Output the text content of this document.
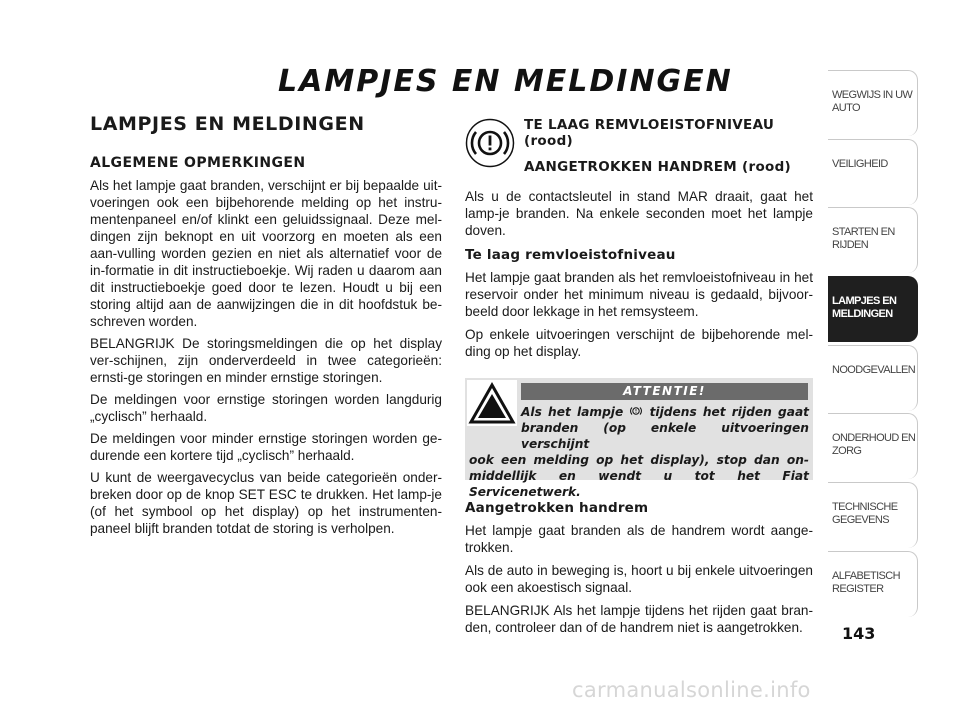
LAMPJES EN MELDINGEN
LAMPJES EN MELDINGEN
ALGEMENE OPMERKINGEN

Als het lampje gaat branden, verschijnt er bij bepaalde uit-voeringen ook een bijbehorende melding op het instru-mentenpaneel en/of klinkt een geluidssignaal. Deze mel-dingen zijn beknopt en uit voorzorg en moeten als een aan-vulling worden gezien en niet als alternatief voor de in-formatie in dit instructieboekje. Wij raden u daarom aan dit instructieboekje goed door te lezen. Houdt u bij een storing altijd aan de aanwijzingen die in dit hoofdstuk be-schreven worden.

BELANGRIJK De storingsmeldingen die op het display ver-schijnen, zijn onderverdeeld in twee categorieën: ernsti-ge storingen en minder ernstige storingen.

De meldingen voor ernstige storingen worden langdurig „cyclisch” herhaald.

De meldingen voor minder ernstige storingen worden ge-durende een kortere tijd „cyclisch” herhaald.

U kunt de weergavecyclus van beide categorieën onder-breken door op de knop SET ESC te drukken. Het lamp-je (of het symbool op het display) op het instrumenten-paneel blijft branden totdat de storing is verholpen.

TE LAAG REMVLOEISTOFNIVEAU (rood)
AANGETROKKEN HANDREM (rood)

Als u de contactsleutel in stand MAR draait, gaat het lamp-je branden. Na enkele seconden moet het lampje doven.

Te laag remvloeistofniveau

Het lampje gaat branden als het remvloeistofniveau in het reservoir onder het minimum niveau is gedaald, bijvoor-beeld door lekkage in het remsysteem.

Op enkele uitvoeringen verschijnt de bijbehorende mel-ding op het display.

ATTENTIE!
Als het lampje tijdens het rijden gaat branden (op enkele uitvoeringen verschijnt
ook een melding op het display), stop dan on-middellijk en wendt u tot het Fiat Servicenetwerk.
Aangetrokken handrem

Het lampje gaat branden als de handrem wordt aange-trokken.

Als de auto in beweging is, hoort u bij enkele uitvoeringen ook een akoestisch signaal.

BELANGRIJK Als het lampje tijdens het rijden gaat bran-den, controleer dan of de handrem niet is aangetrokken.

WEGWIJS IN UW AUTO
VEILIGHEID
STARTEN EN RIJDEN
LAMPJES EN MELDINGEN
NOODGEVALLEN
ONDERHOUD EN ZORG
TECHNISCHE GEGEVENS
ALFABETISCH REGISTER
143
carmanualsonline.info
